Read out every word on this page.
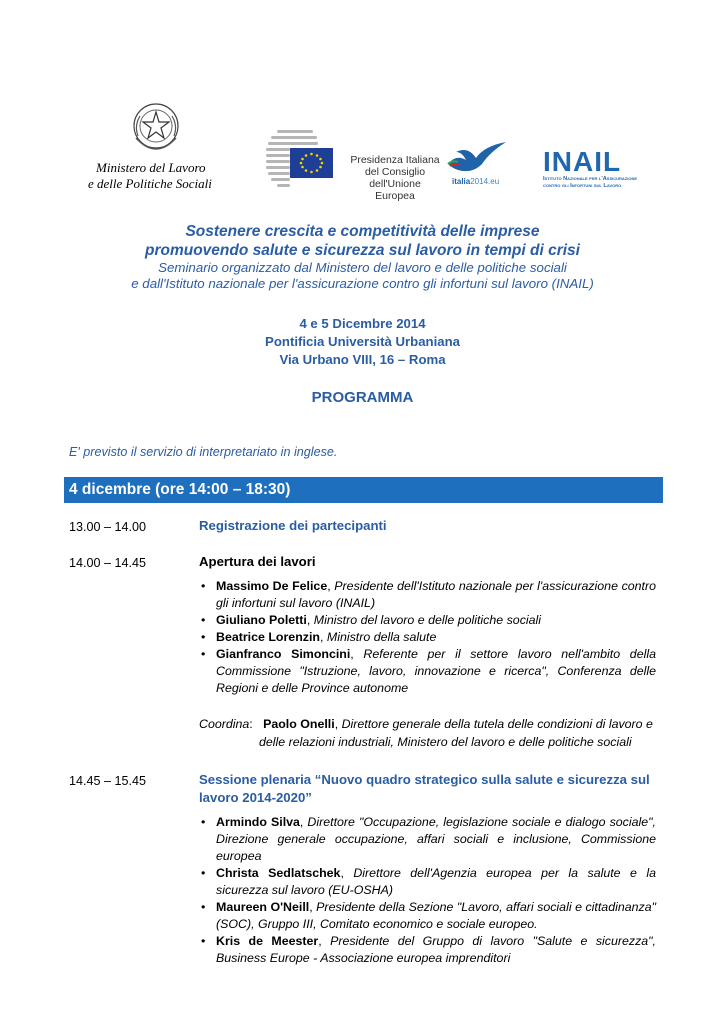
Ministero del Lavoro
e delle Politiche Sociali
Presidenza Italiana
del Consiglio
dell'Unione Europea
italia2014.eu
INAIL
Istituto Nazionale per l'Assicurazione
contro gli Infortuni sul Lavoro
Sostenere crescita e competitività delle imprese
promuovendo salute e sicurezza sul lavoro in tempi di crisi
Seminario organizzato dal Ministero del lavoro e delle politiche sociali
e dall'Istituto nazionale per l'assicurazione contro gli infortuni sul lavoro (INAIL)
4 e 5 Dicembre 2014
Pontificia Università Urbaniana
Via Urbano VIII, 16 – Roma
PROGRAMMA
E' previsto il servizio di interpretariato in inglese.
4 dicembre (ore 14:00 – 18:30)
13.00 – 14.00	Registrazione dei partecipanti
14.00 – 14.45	Apertura dei lavori
• Massimo De Felice, Presidente dell'Istituto nazionale per l'assicurazione contro gli infortuni sul lavoro (INAIL)
• Giuliano Poletti, Ministro del lavoro e delle politiche sociali
• Beatrice Lorenzin, Ministro della salute
• Gianfranco Simoncini, Referente per il settore lavoro nell'ambito della Commissione "Istruzione, lavoro, innovazione e ricerca", Conferenza delle Regioni e delle Province autonome
Coordina:   Paolo Onelli, Direttore generale della tutela delle condizioni di lavoro e
delle relazioni industriali, Ministero del lavoro e delle politiche sociali
14.45 – 15.45	Sessione plenaria “Nuovo quadro strategico sulla salute e sicurezza sul lavoro 2014-2020”
• Armindo Silva, Direttore "Occupazione, legislazione sociale e dialogo sociale", Direzione generale occupazione, affari sociali e inclusione, Commissione europea
• Christa Sedlatschek, Direttore dell'Agenzia europea per la salute e la sicurezza sul lavoro (EU-OSHA)
• Maureen O'Neill, Presidente della Sezione "Lavoro, affari sociali e cittadinanza" (SOC), Gruppo III, Comitato economico e sociale europeo.
• Kris de Meester, Presidente del Gruppo di lavoro "Salute e sicurezza", Business Europe - Associazione europea imprenditori
